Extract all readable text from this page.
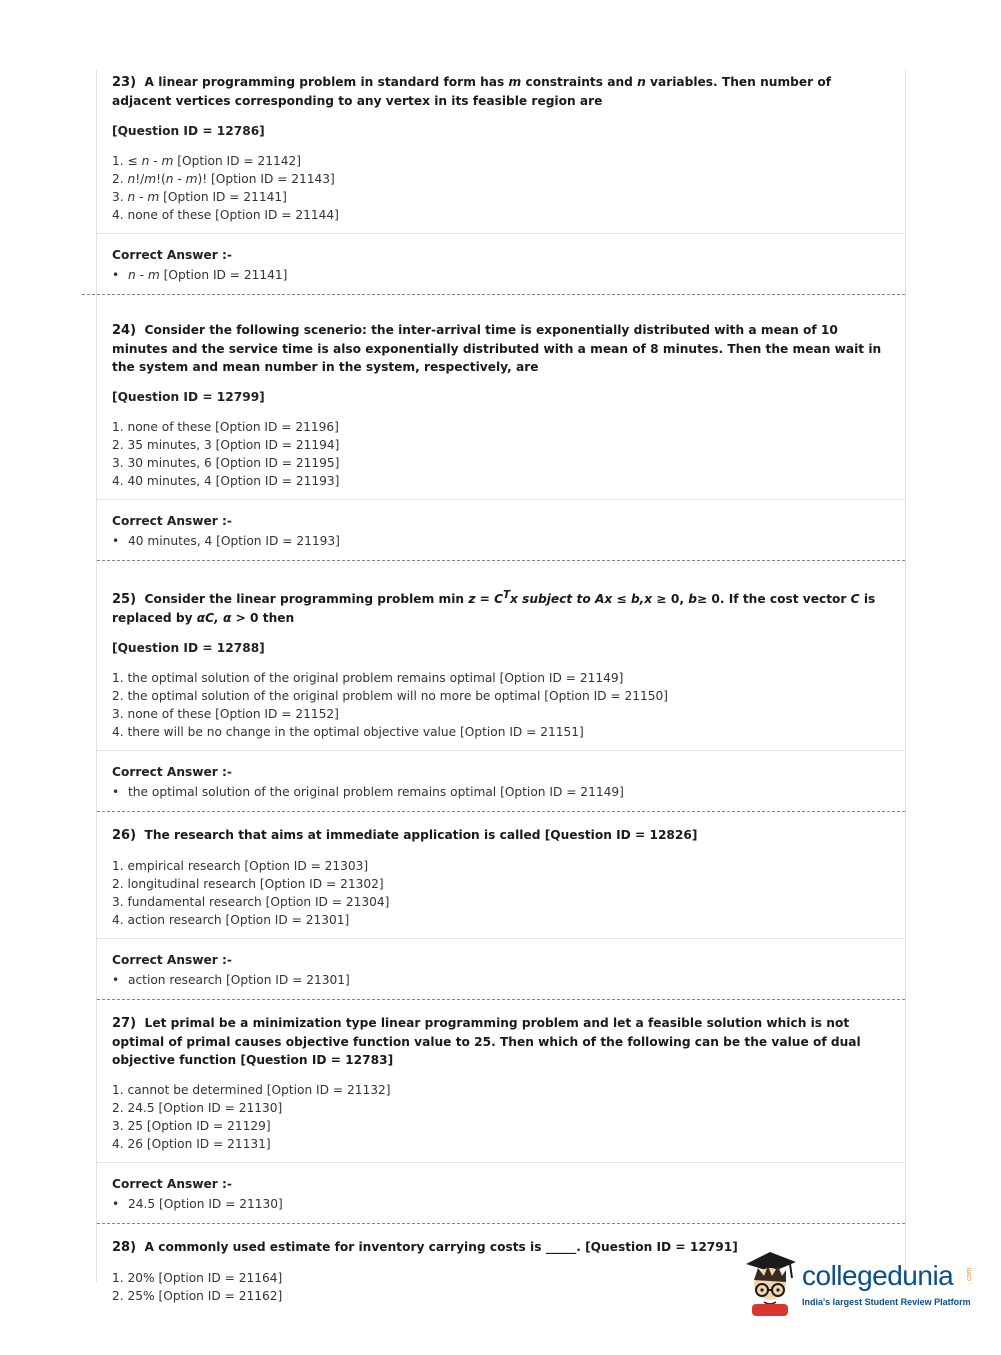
23) A linear programming problem in standard form has m constraints and n variables. Then number of adjacent vertices corresponding to any vertex in its feasible region are

[Question ID = 12786]

1. ≤ n - m [Option ID = 21142]
2. n!/m!(n - m)! [Option ID = 21143]
3. n - m [Option ID = 21141]
4. none of these [Option ID = 21144]

Correct Answer :-

• n - m [Option ID = 21141]

24) Consider the following scenerio: the inter-arrival time is exponentially distributed with a mean of 10 minutes and the service time is also exponentially distributed with a mean of 8 minutes. Then the mean wait in the system and mean number in the system, respectively, are

[Question ID = 12799]

1. none of these [Option ID = 21196]
2. 35 minutes, 3 [Option ID = 21194]
3. 30 minutes, 6 [Option ID = 21195]
4. 40 minutes, 4 [Option ID = 21193]

Correct Answer :-

• 40 minutes, 4 [Option ID = 21193]

25) Consider the linear programming problem $\min z = C^Tx$ subject to Ax ≤ b,x ≥ 0, b≥ 0. If the cost vector C is replaced by αC, α > 0 then

[Question ID = 12788]

1. the optimal solution of the original problem remains optimal [Option ID = 21149]
2. the optimal solution of the original problem will no more be optimal [Option ID = 21150]
3. none of these [Option ID = 21152]
4. there will be no change in the optimal objective value [Option ID = 21151]

Correct Answer :-

• the optimal solution of the original problem remains optimal [Option ID = 21149]

26) The research that aims at immediate application is called [Question ID = 12826]

1. empirical research [Option ID = 21303]
2. longitudinal research [Option ID = 21302]
3. fundamental research [Option ID = 21304]
4. action research [Option ID = 21301]

Correct Answer :-

• action research [Option ID = 21301]

27) Let primal be a minimization type linear programming problem and let a feasible solution which is not optimal of primal causes objective function value to 25. Then which of the following can be the value of dual objective function [Question ID = 12783]

1. cannot be determined [Option ID = 21132]
2. 24.5 [Option ID = 21130]
3. 25 [Option ID = 21129]
4. 26 [Option ID = 21131]

Correct Answer :-

• 24.5 [Option ID = 21130]

28) A commonly used estimate for inventory carrying costs is _____. [Question ID = 12791]

1. 20% [Option ID = 21164]
2. 25% [Option ID = 21162]
collegedunia .com
India's largest Student Review Platform
